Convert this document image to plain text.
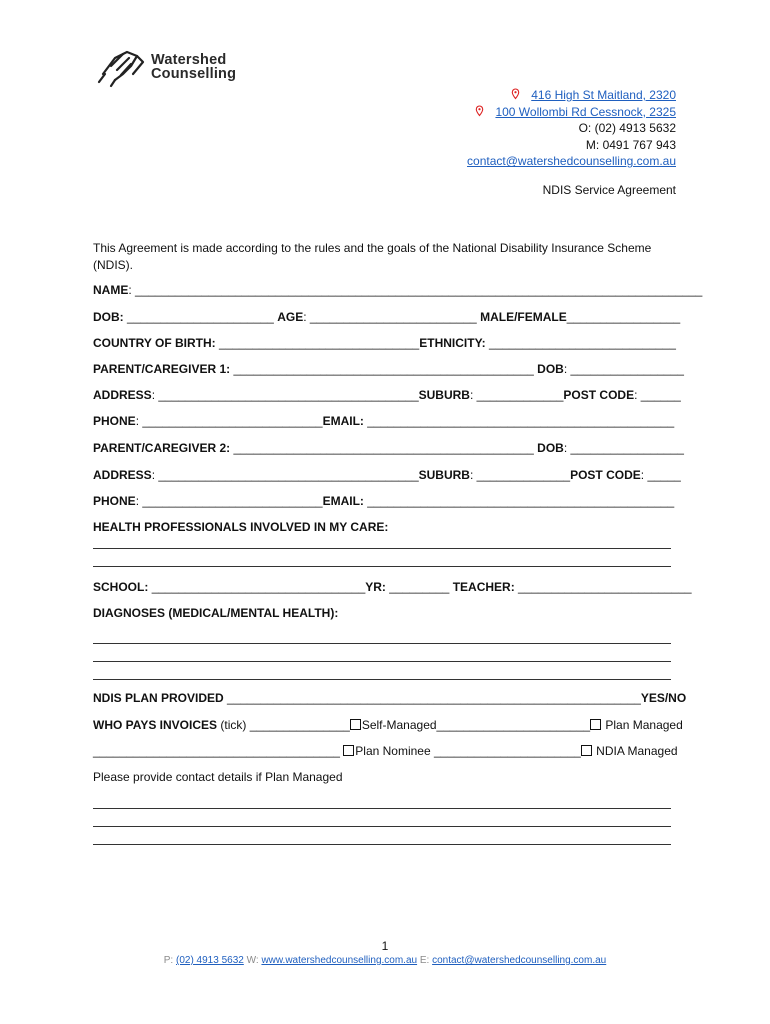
Watershed
Counselling
416 High St Maitland, 2320
100 Wollombi Rd Cessnock, 2325
O: (02) 4913 5632
M: 0491 767 943
contact@watershedcounselling.com.au
NDIS Service Agreement
This Agreement is made according to the rules and the goals of the National Disability Insurance Scheme (NDIS).
NAME: _____________________________________________________________________________________
DOB: ______________________ AGE: _________________________ MALE/FEMALE_________________
COUNTRY OF BIRTH: ______________________________ETHNICITY: ____________________________
PARENT/CAREGIVER 1: _____________________________________________ DOB: _________________
ADDRESS: _______________________________________SUBURB: _____________POST CODE: ______
PHONE: ___________________________EMAIL: ______________________________________________
PARENT/CAREGIVER 2: _____________________________________________ DOB: _________________
ADDRESS: _______________________________________SUBURB: ______________POST CODE: _____
PHONE: ___________________________EMAIL: ______________________________________________
HEALTH PROFESSIONALS INVOLVED IN MY CARE:
SCHOOL: ________________________________YR: _________ TEACHER: __________________________
DIAGNOSES (MEDICAL/MENTAL HEALTH):
NDIS PLAN PROVIDED ______________________________________________________________YES/NO
WHO PAYS INVOICES (tick) _______________ Self-Managed_______________________ Plan Managed
_____________________________________ Plan Nominee ______________________ NDIA Managed
Please provide contact details if Plan Managed
1
P: (02) 4913 5632 W: www.watershedcounselling.com.au E: contact@watershedcounselling.com.au
